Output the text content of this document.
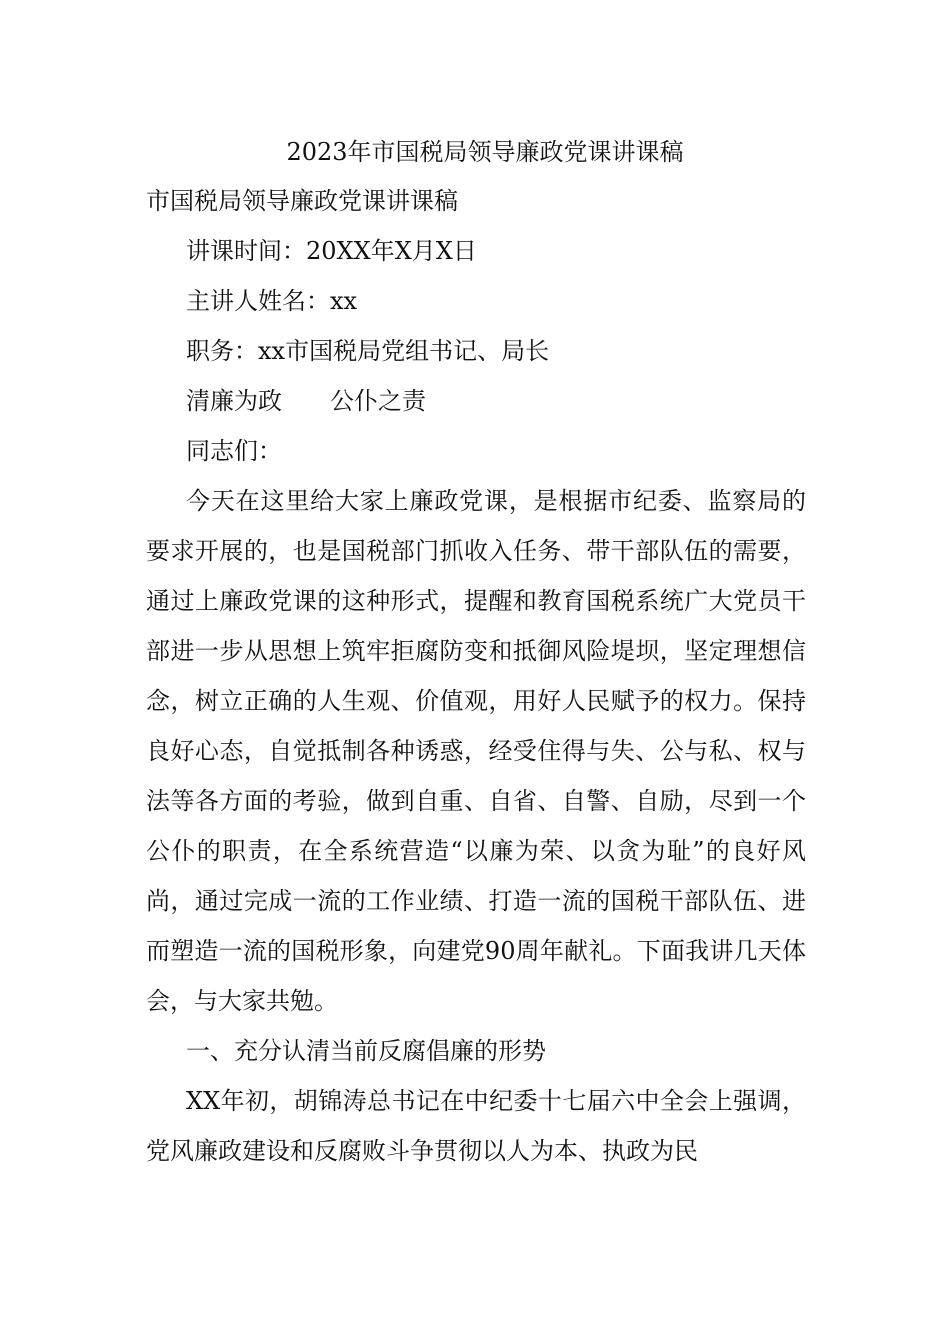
2023年市国税局领导廉政党课讲课稿
市国税局领导廉政党课讲课稿
讲课时间：20XX年X月X日
主讲人姓名：xx
职务：xx市国税局党组书记、局长
清廉为政　　公仆之责
同志们：

今天在这里给大家上廉政党课，是根据市纪委、监察局的要求开展的，也是国税部门抓收入任务、带干部队伍的需要，通过上廉政党课的这种形式，提醒和教育国税系统广大党员干部进一步从思想上筑牢拒腐防变和抵御风险堤坝，坚定理想信念，树立正确的人生观、价值观，用好人民赋予的权力。保持良好心态，自觉抵制各种诱惑，经受住得与失、公与私、权与法等各方面的考验，做到自重、自省、自警、自励，尽到一个公仆的职责，在全系统营造“以廉为荣、以贪为耻”的良好风尚，通过完成一流的工作业绩、打造一流的国税干部队伍、进而塑造一流的国税形象，向建党90周年献礼。下面我讲几天体会，与大家共勉。

一、充分认清当前反腐倡廉的形势

XX年初，胡锦涛总书记在中纪委十七届六中全会上强调，党风廉政建设和反腐败斗争贯彻以人为本、执政为民
